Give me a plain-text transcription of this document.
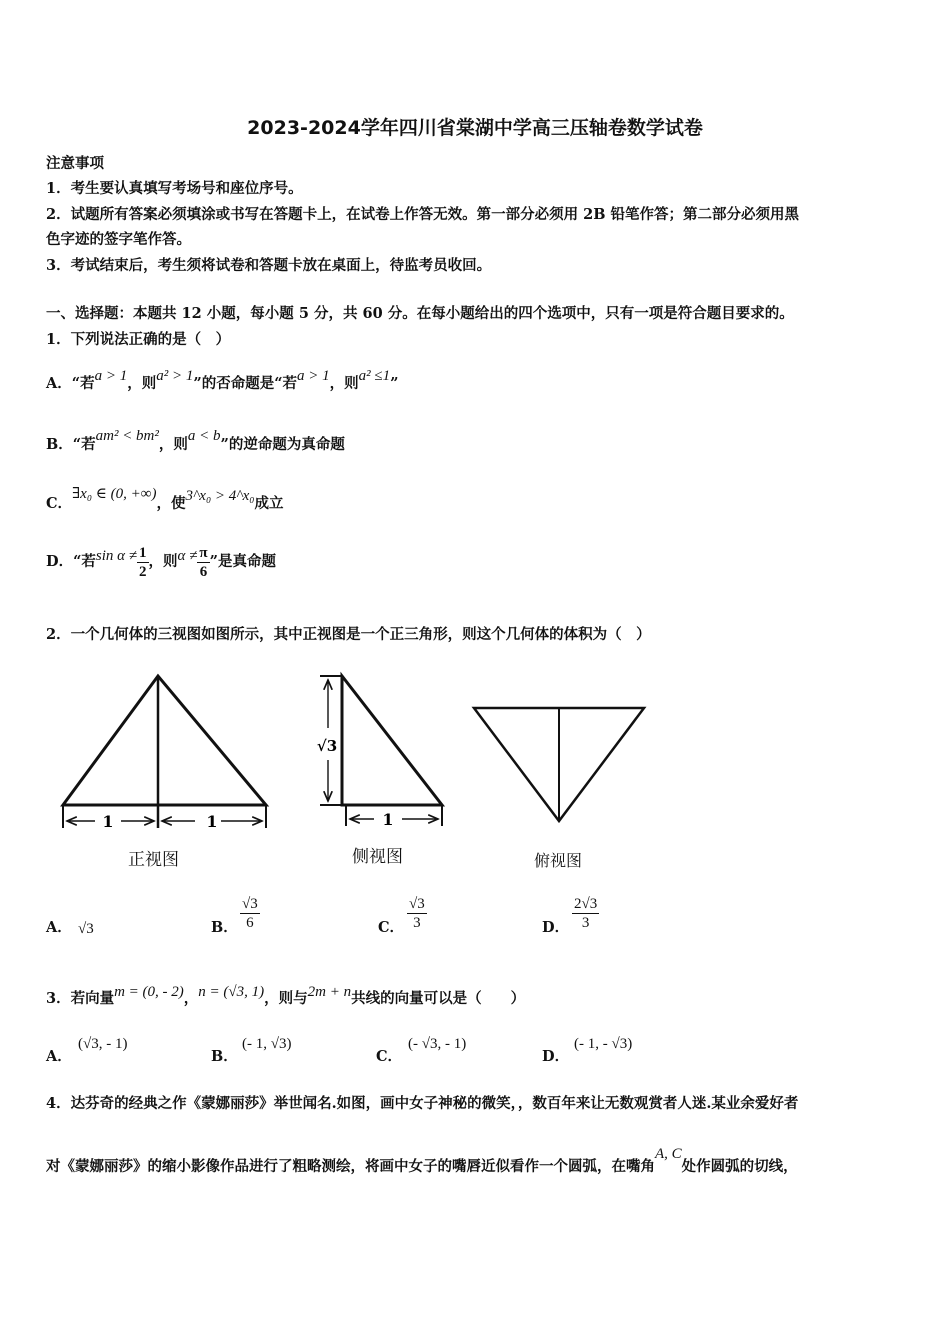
2023-2024学年四川省棠湖中学高三压轴卷数学试卷
注意事项
1．考生要认真填写考场号和座位序号。
2．试题所有答案必须填涂或书写在答题卡上，在试卷上作答无效。第一部分必须用 2B 铅笔作答；第二部分必须用黑
色字迹的签字笔作答。
3．考试结束后，考生须将试卷和答题卡放在桌面上，待监考员收回。
一、选择题：本题共 12 小题，每小题 5 分，共 60 分。在每小题给出的四个选项中，只有一项是符合题目要求的。
1．下列说法正确的是（　）
A．“若a > 1，则a² > 1”的否命题是“若a > 1，则a² ≤1”
B．“若am² < bm²，则a < b”的逆命题为真命题
C．∃x₀ ∈ (0, +∞)，使3^x₀ > 4^x₀成立
D．“若$\sin \alpha \ne \frac{1}{2}$ ，则$\alpha \ne \frac{\pi}{6}$ ”是真命题
2．一个几何体的三视图如图所示，其中正视图是一个正三角形，则这个几何体的体积为（　）
1	1
正视图
√3
1
侧视图	俯视图
A． √3	B． $\frac{√3}{6}$	C． $\frac{√3}{3}$	D． $\frac{2√3}{3}$
3．若向量m = (0, - 2)，n = (√3, 1)，则与2m + n共线的向量可以是（　　）
A．
(√3, - 1)
B．
(- 1, √3)
C．
(- √3, - 1)
D．
(- 1, - √3)
4．达芬奇的经典之作《蒙娜丽莎》举世闻名.如图，画中女子神秘的微笑，，数百年来让无数观赏者人迷.某业余爱好者
对《蒙娜丽莎》的缩小影像作品进行了粗略测绘，将画中女子的嘴唇近似看作一个圆弧，在嘴角A, C处作圆弧的切线，
